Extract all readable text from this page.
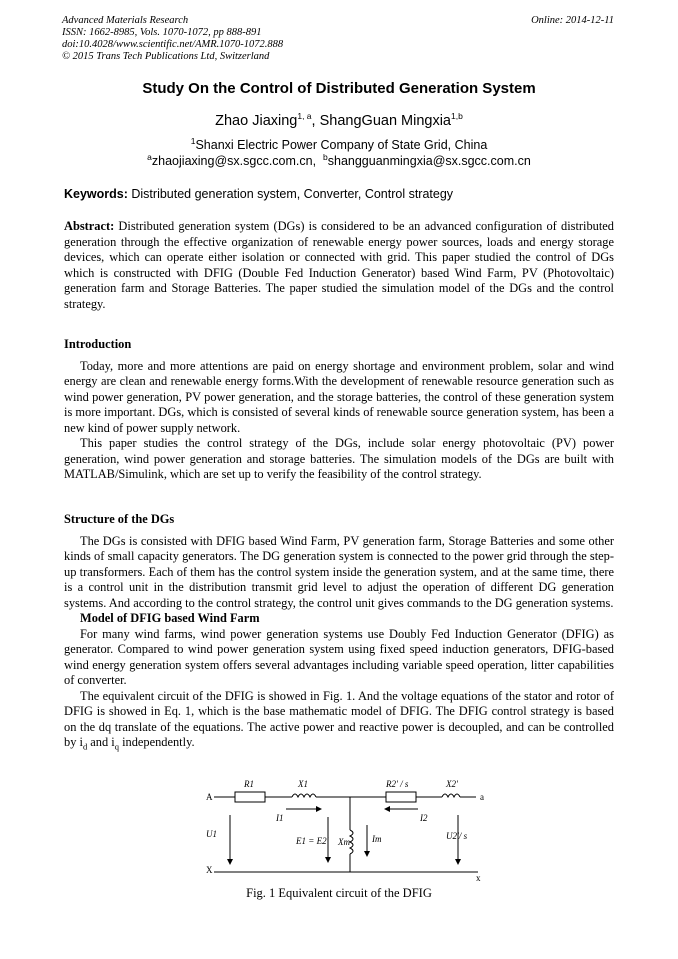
Advanced Materials Research
ISSN: 1662-8985, Vols. 1070-1072, pp 888-891
doi:10.4028/www.scientific.net/AMR.1070-1072.888
© 2015 Trans Tech Publications Ltd, Switzerland
Online: 2014-12-11
Study On the Control of Distributed Generation System
Zhao Jiaxing$^{1, a}$, ShangGuan Mingxia$^{1,b}$
$^1$Shanxi Electric Power Company of State Grid, China
$^a$zhaojiaxing@sx.sgcc.com.cn, $^b$shangguanmingxia@sx.sgcc.com.cn
Keywords: Distributed generation system, Converter, Control strategy

Abstract: Distributed generation system (DGs) is considered to be an advanced configuration of distributed generation through the effective organization of renewable energy power sources, loads and energy storage devices, which can operate either isolation or connected with grid. This paper studied the control of DGs which is constructed with DFIG (Double Fed Induction Generator) based Wind Farm, PV (Photovoltaic) generation farm and Storage Batteries. The paper studied the simulation model of the DGs and the control strategy.

Introduction

Today, more and more attentions are paid on energy shortage and environment problem, solar and wind energy are clean and renewable energy forms.With the development of renewable resource generation such as wind power generation, PV power generation, and the storage batteries, the control of these generation system is more important. DGs, which is consisted of several kinds of renewable source generation system, has been a new kind of power supply network.

This paper studies the control strategy of the DGs, include solar energy photovoltaic (PV) power generation, wind power generation and storage batteries. The simulation models of the DGs are built with MATLAB/Simulink, which are set up to verify the feasibility of the control strategy.

Structure of the DGs

The DGs is consisted with DFIG based Wind Farm, PV generation farm, Storage Batteries and some other kinds of small capacity generators. The DG generation system is connected to the power grid through the step-up transformers. Each of them has the control system inside the generation system, and at the same time, there is a control unit in the distribution transmit grid level to adjust the operation of different DG generation systems. And according to the control strategy, the control unit gives commands to the DG generation systems.

Model of DFIG based Wind Farm

For many wind farms, wind power generation systems use Doubly Fed Induction Generator (DFIG) as generator. Compared to wind power generation system using fixed speed induction generators, DFIG-based wind energy generation system offers several advantages including variable speed operation, litter capabilities of converter.

The equivalent circuit of the DFIG is showed in Fig. 1. And the voltage equations of the stator and rotor of DFIG is showed in Eq. 1, which is the base mathematic model of DFIG. The DFIG control strategy is based on the dq translate of the equations. The active power and reactive power is decoupled, and can be controlled by $i_d$ and $i_q$ independently.

A	a
X
x
R1	X1	R2' / s	X2'
I1	I2
U1	U2'/ s
E1 = E2' Xm Im
Fig. 1 Equivalent circuit of the DFIG
